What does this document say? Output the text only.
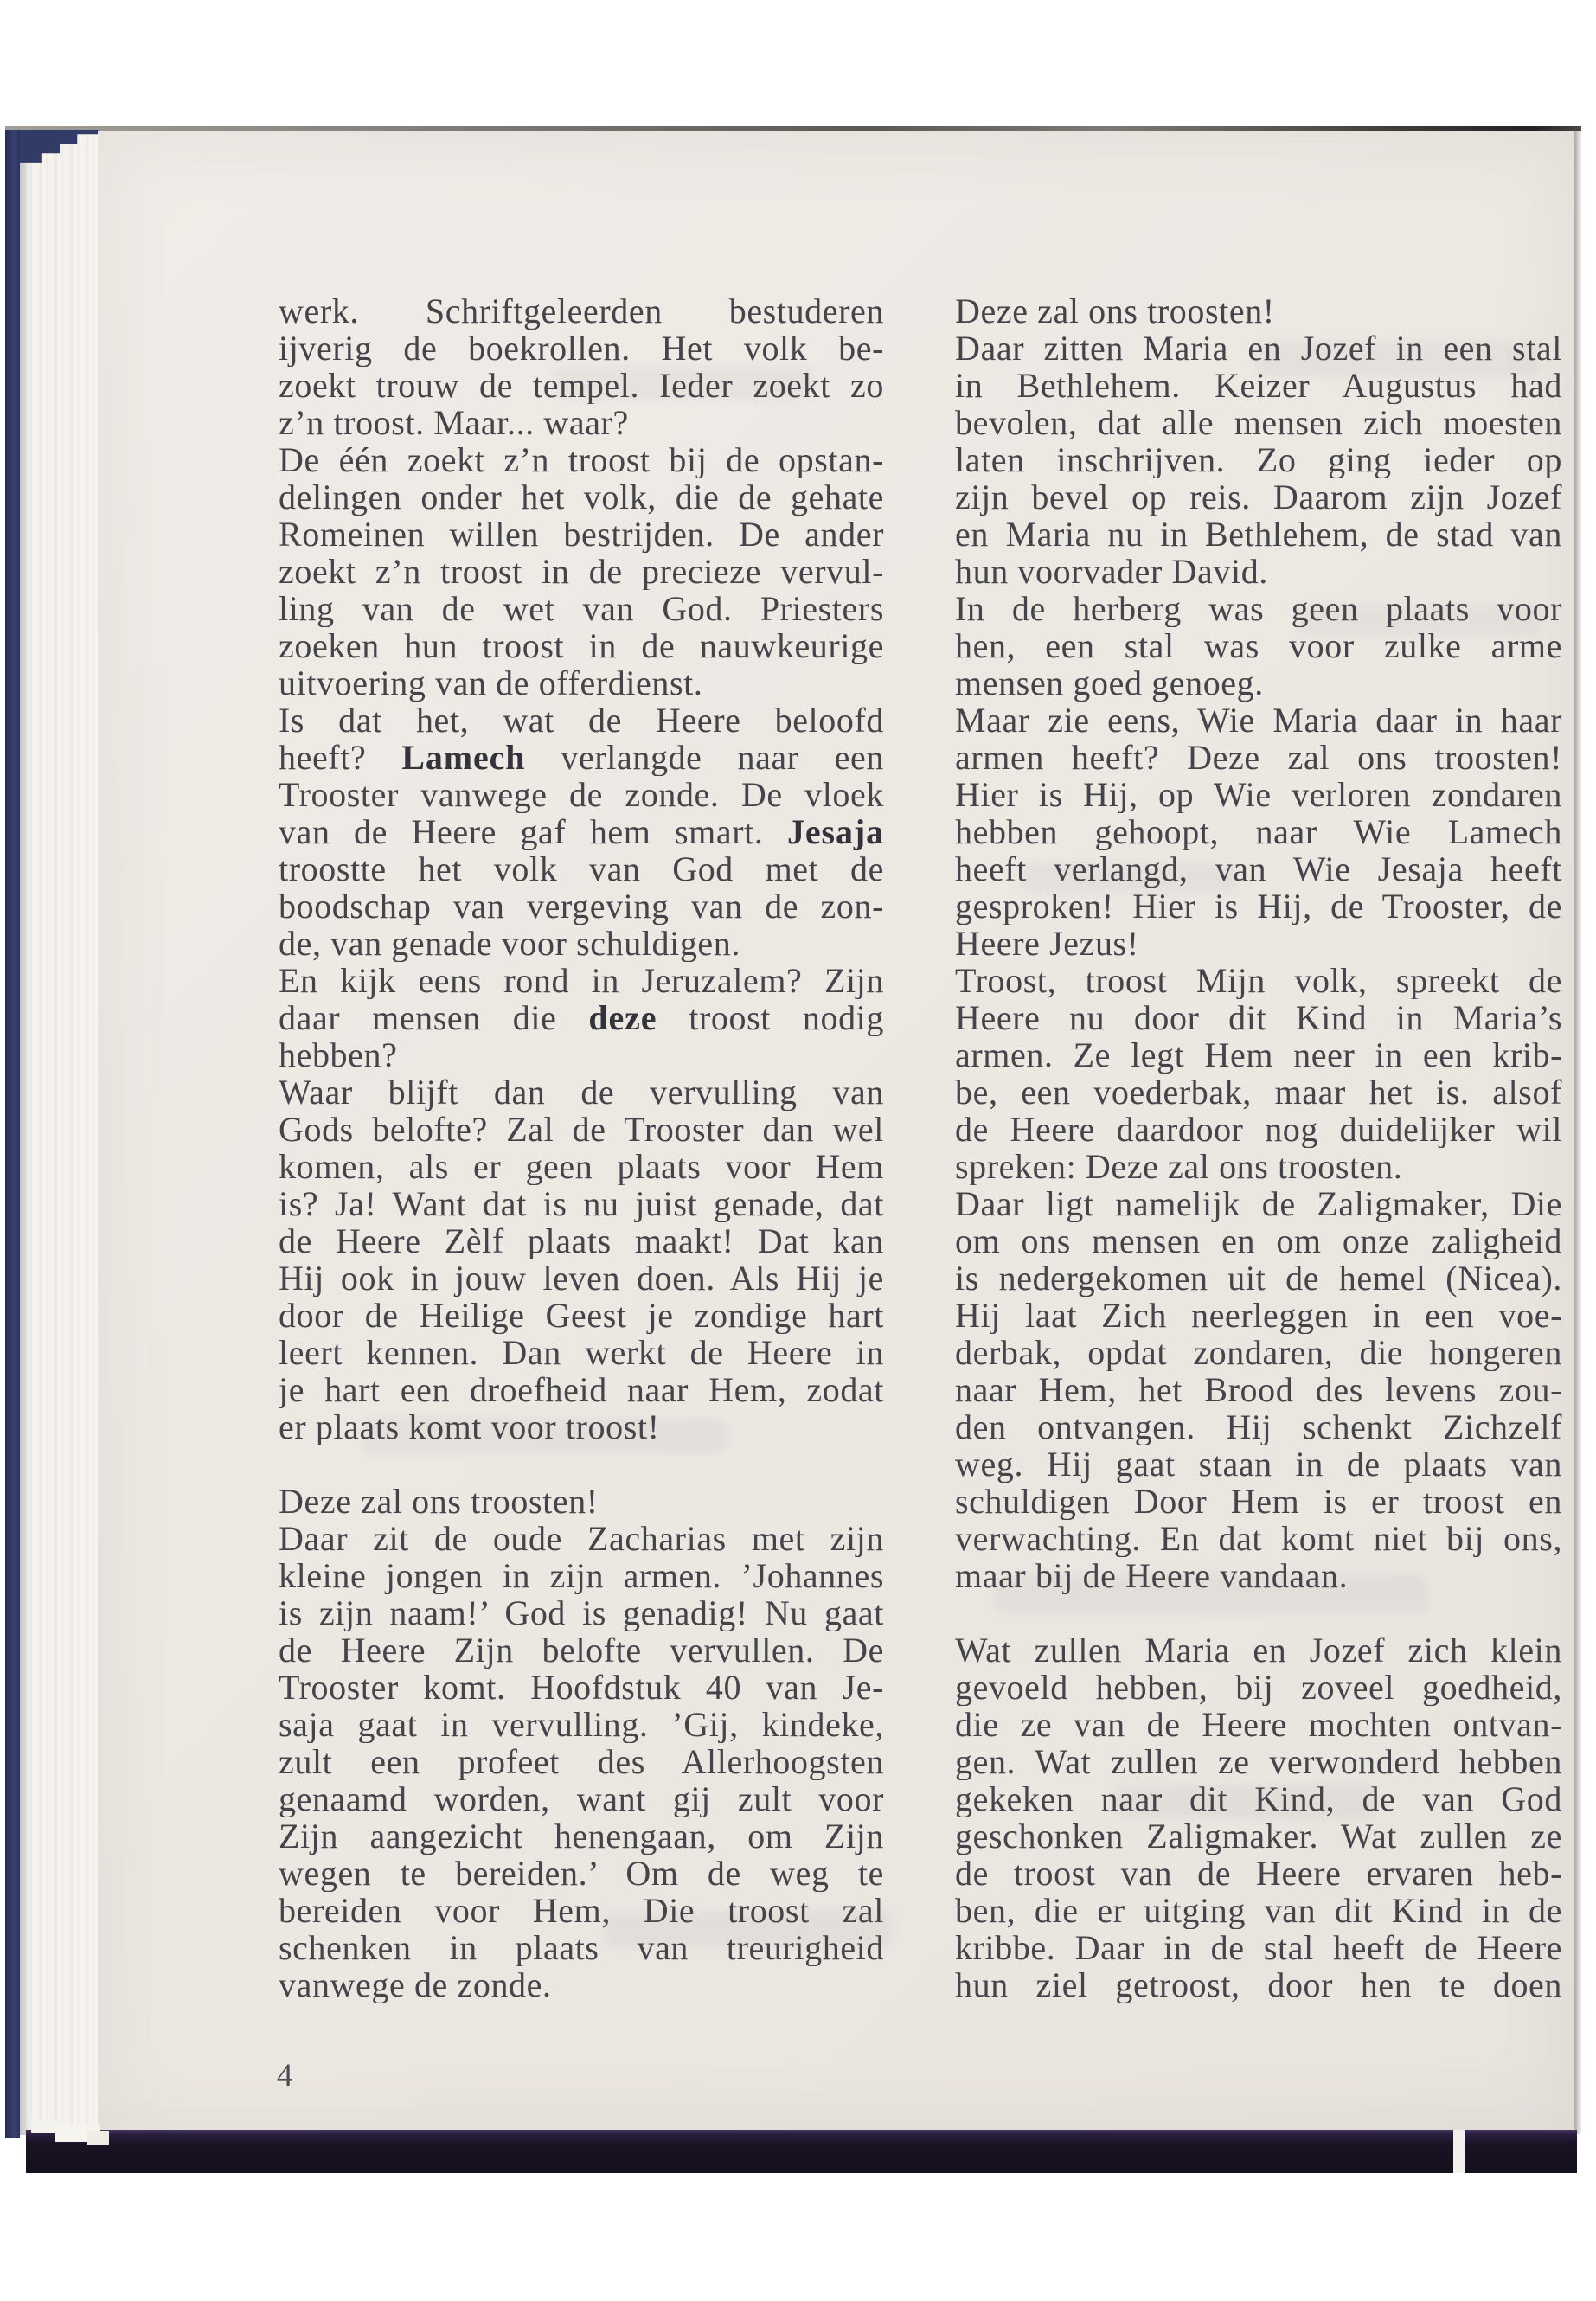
werk. Schriftgeleerden bestuderen
ijverig de boekrollen. Het volk be-
zoekt trouw de tempel. Ieder zoekt zo
z’n troost. Maar... waar?
De één zoekt z’n troost bij de opstan-
delingen onder het volk, die de gehate
Romeinen willen bestrijden. De ander
zoekt z’n troost in de precieze vervul-
ling van de wet van God. Priesters
zoeken hun troost in de nauwkeurige
uitvoering van de offerdienst.
Is dat het, wat de Heere beloofd
heeft? Lamech verlangde naar een
Trooster vanwege de zonde. De vloek
van de Heere gaf hem smart. Jesaja
troostte het volk van God met de
boodschap van vergeving van de zon-
de, van genade voor schuldigen.
En kijk eens rond in Jeruzalem? Zijn
daar mensen die deze troost nodig
hebben?
Waar blijft dan de vervulling van
Gods belofte? Zal de Trooster dan wel
komen, als er geen plaats voor Hem
is? Ja! Want dat is nu juist genade, dat
de Heere Zèlf plaats maakt! Dat kan
Hij ook in jouw leven doen. Als Hij je
door de Heilige Geest je zondige hart
leert kennen. Dan werkt de Heere in
je hart een droefheid naar Hem, zodat
er plaats komt voor troost!
Deze zal ons troosten!
Daar zit de oude Zacharias met zijn
kleine jongen in zijn armen. ’Johannes
is zijn naam!’ God is genadig! Nu gaat
de Heere Zijn belofte vervullen. De
Trooster komt. Hoofdstuk 40 van Je-
saja gaat in vervulling. ’Gij, kindeke,
zult een profeet des Allerhoogsten
genaamd worden, want gij zult voor
Zijn aangezicht henengaan, om Zijn
wegen te bereiden.’ Om de weg te
bereiden voor Hem, Die troost zal
schenken in plaats van treurigheid
vanwege de zonde.
Deze zal ons troosten!
Daar zitten Maria en Jozef in een stal
in Bethlehem. Keizer Augustus had
bevolen, dat alle mensen zich moesten
laten inschrijven. Zo ging ieder op
zijn bevel op reis. Daarom zijn Jozef
en Maria nu in Bethlehem, de stad van
hun voorvader David.
In de herberg was geen plaats voor
hen, een stal was voor zulke arme
mensen goed genoeg.
Maar zie eens, Wie Maria daar in haar
armen heeft? Deze zal ons troosten!
Hier is Hij, op Wie verloren zondaren
hebben gehoopt, naar Wie Lamech
heeft verlangd, van Wie Jesaja heeft
gesproken! Hier is Hij, de Trooster, de
Heere Jezus!
Troost, troost Mijn volk, spreekt de
Heere nu door dit Kind in Maria’s
armen. Ze legt Hem neer in een krib-
be, een voederbak, maar het is. alsof
de Heere daardoor nog duidelijker wil
spreken: Deze zal ons troosten.
Daar ligt namelijk de Zaligmaker, Die
om ons mensen en om onze zaligheid
is nedergekomen uit de hemel (Nicea).
Hij laat Zich neerleggen in een voe-
derbak, opdat zondaren, die hongeren
naar Hem, het Brood des levens zou-
den ontvangen. Hij schenkt Zichzelf
weg. Hij gaat staan in de plaats van
schuldigen Door Hem is er troost en
verwachting. En dat komt niet bij ons,
maar bij de Heere vandaan.
Wat zullen Maria en Jozef zich klein
gevoeld hebben, bij zoveel goedheid,
die ze van de Heere mochten ontvan-
gen. Wat zullen ze verwonderd hebben
gekeken naar dit Kind, de van God
geschonken Zaligmaker. Wat zullen ze
de troost van de Heere ervaren heb-
ben, die er uitging van dit Kind in de
kribbe. Daar in de stal heeft de Heere
hun ziel getroost, door hen te doen
4
